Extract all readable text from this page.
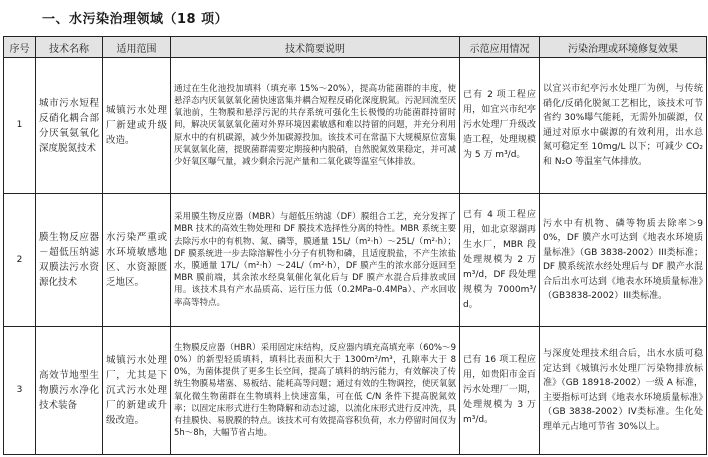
一、水污染治理领域（18 项）
序号	技术名称	适用范围	技术简要说明	示范应用情况	污染治理或环境修复效果
1	城市污水短程反硝化耦合部分厌氧氨氧化深度脱氮技术	城镇污水处理厂新建或升级改造。	通过在生化池投加填料（填充率 15%～20%），提高功能菌群的丰度，使悬浮态内厌氧氨氧化菌快速富集并耦合短程反硝化深度脱氮。污泥回流至厌氧池前，生物膜和悬浮污泥的共存系统可强化生长极慢的功能菌群持留时间，解决厌氧氨氧化菌对外界环境因素敏感和难以持留的问题，并充分利用原水中的有机碳源，减少外加碳源投加。该技术可在常温下大规模原位富集厌氧氨氧化菌，提脱菌群需要定期接种内脱硝，自然脱氮效果稳定，并可减少好氧区曝气量，减少剩余污泥产量和二氧化碳等温室气体排放。	已有 2 项工程应用，如宜兴市纪亭污水处理厂升级改造工程，处理规模为 5 万 m³/d。	以宜兴市纪亭污水处理厂为例，与传统硝化/反硝化脱氮工艺相比，该技术可节省约 30%曝气能耗，无需外加碳源，仅通过对原水中碳源的有效利用，出水总氮可稳定至 10mg/L 以下；可减少 CO₂ 和 N₂O 等温室气体排放。
2	膜生物反应器－超低压纳滤双膜法污水资源化技术	水污染严重或水环境敏感地区、水资源匮乏地区。	采用膜生物反应器（MBR）与超低压纳滤（DF）膜组合工艺，充分发挥了 MBR 技术的高效生物处理和 DF 膜技术选择性分离的特性。MBR 系统主要去除污水中的有机物、氮、磷等，膜通量 15L/（m²·h）～25L/（m²·h）；DF 膜系统进一步去除溶解性小分子有机物和磷，且适度脱盐，不产生浓盐水，膜通量 17L/（m²·h）～24L/（m²·h），DF 膜产生的浓水部分返回至 MBR 膜前端，其余浓水经臭氧催化氧化后与 DF 膜产水混合后排放或回用。该技术具有产水品质高、运行压力低（0.2MPa–0.4MPa）、产水回收率高等特点。	已有 4 项工程应用，如北京翠湖再生水厂，MBR 段处理规模为 2 万 m³/d，DF 段处理规模为 7000m³/d。	污水中有机物、磷等物质去除率＞90%，DF 膜产水可达到《地表水环境质量标准》（GB 3838-2002）III类标准；DF 膜系统浓水经处理后与 DF 膜产水混合后出水可达到《地表水环境质量标准》（GB3838-2002）III类标准。
3	高效节地型生物膜污水净化技术装备	城镇污水处理厂，尤其是下沉式污水处理厂的新建或升级改造。	生物膜反应器（HBR）采用固定床结构，反应器内填充高填充率（60%～90%）的新型轻质填料，填料比表面积大于 1300m²/m³，孔隙率大于 80%，为菌体提供了更多生长空间，提高了填料的纳污能力，有效解决了传统生物膜易堵塞、易板结、能耗高等问题；通过有效的生物调控，使厌氧氨氧化微生物菌群在生物填料上快速富集，可在低 C/N 条件下提高脱氮效率；以固定床形式进行生物降解和动态过滤，以流化床形式进行反冲洗，具有挂膜快、易脱膜的特点。该技术可有效提高容积负荷，水力停留时间仅为 5h～8h，大幅节省占地。	已有 16 项工程应用，如贵阳市金百污水处理厂一期，处理规模为 3 万 m³/d。	与深度处理技术组合后，出水水质可稳定达到《城镇污水处理厂污染物排放标准》（GB 18918-2002）一级 A 标准，主要指标可达到《地表水环境质量标准》（GB 3838-2002）IV类标准。生化处理单元占地可节省 30%以上。
